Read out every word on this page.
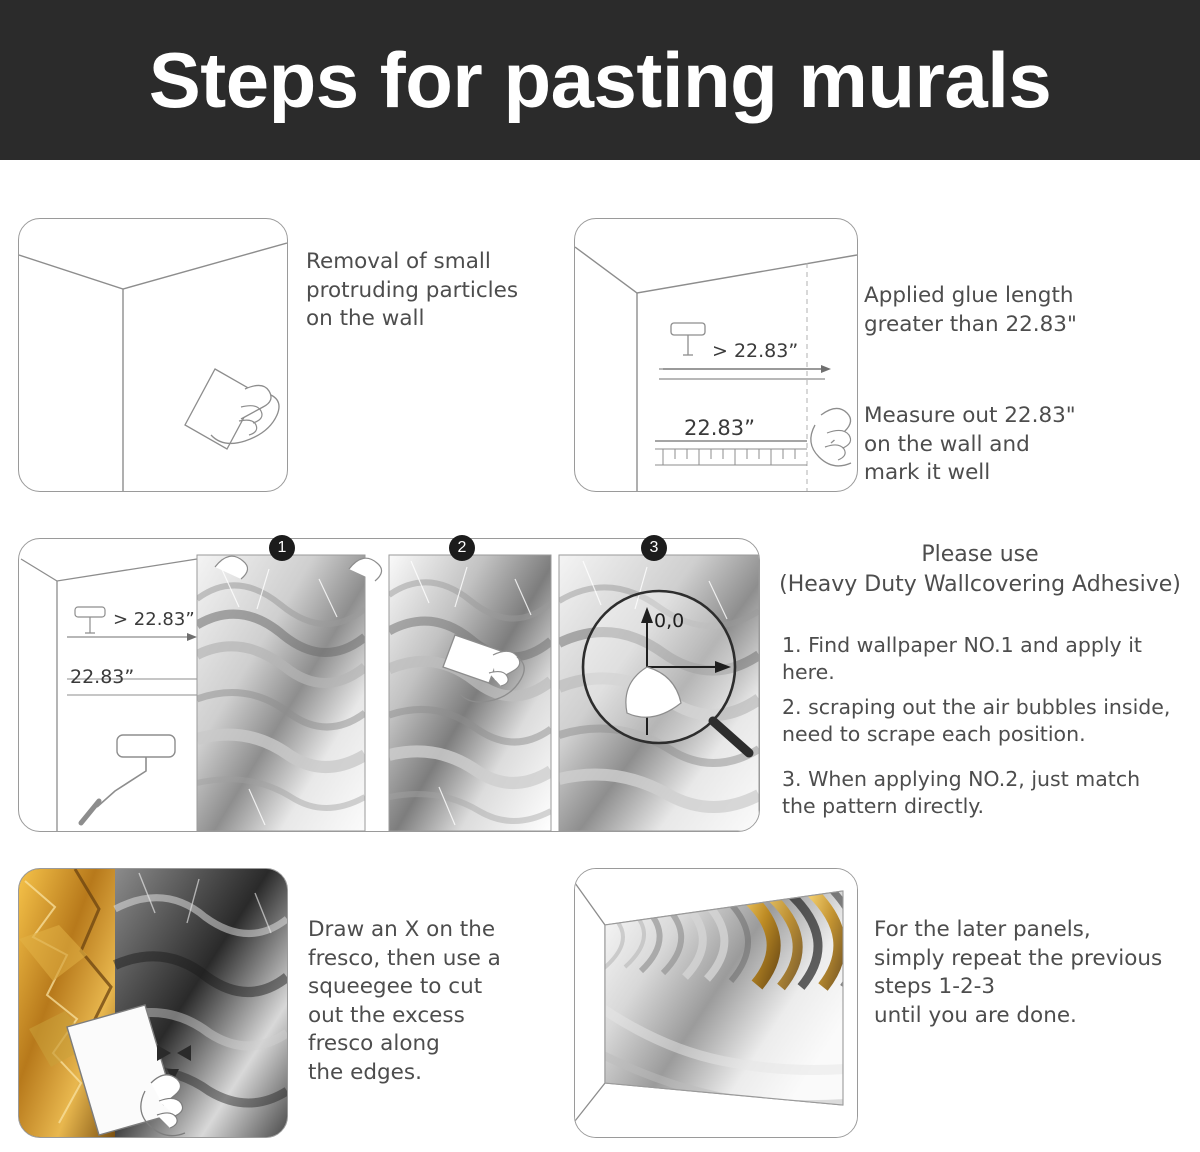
Steps for pasting murals
Removal of small
protruding particles
on the wall
> 22.83”
22.83”
Applied glue length
greater than 22.83"
Measure out 22.83"
on the wall and
mark it well
> 22.83”
22.83”
0,0
1	2	3	Please use
(Heavy Duty Wallcovering Adhesive)
1. Find wallpaper NO.1 and apply it here.
2. scraping out the air bubbles inside,
need to scrape each position.
3. When applying NO.2, just match
the pattern directly.
Draw an X on the
fresco, then use a
squeegee to cut
out the excess
fresco along
the edges.
For the later panels,
simply repeat the previous
steps 1-2-3
until you are done.
